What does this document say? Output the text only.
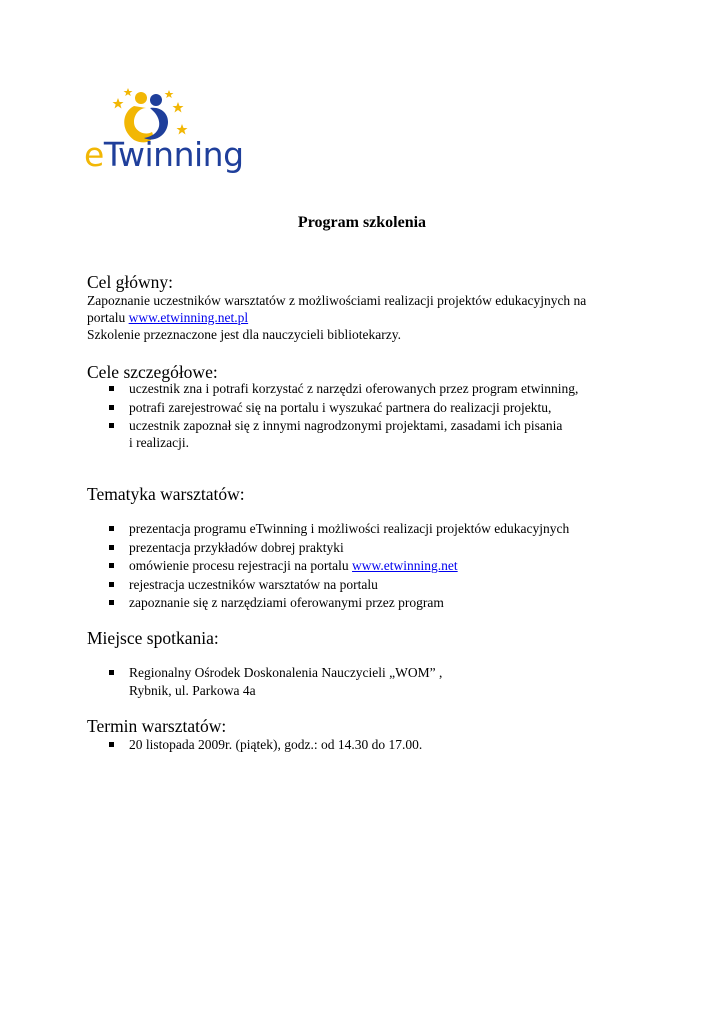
eTwinning
Program szkolenia
Cel główny:
Zapoznanie uczestników warsztatów z możliwościami realizacji projektów edukacyjnych na
portalu www.etwinning.net.pl
Szkolenie przeznaczone jest dla nauczycieli bibliotekarzy.
Cele szczegółowe:
uczestnik zna i potrafi korzystać z narzędzi oferowanych przez program etwinning,
potrafi zarejestrować się na portalu i wyszukać partnera do realizacji projektu,
uczestnik zapoznał się z innymi nagrodzonymi projektami, zasadami ich pisania
i realizacji.
Tematyka warsztatów:
prezentacja programu eTwinning i możliwości realizacji projektów edukacyjnych
prezentacja przykładów dobrej praktyki
omówienie procesu rejestracji na portalu www.etwinning.net
rejestracja uczestników warsztatów na portalu
zapoznanie się z narzędziami oferowanymi przez program
Miejsce spotkania:
Regionalny Ośrodek Doskonalenia Nauczycieli „WOM” ,
Rybnik, ul. Parkowa 4a
Termin warsztatów:
20 listopada 2009r. (piątek), godz.: od 14.30 do 17.00.
